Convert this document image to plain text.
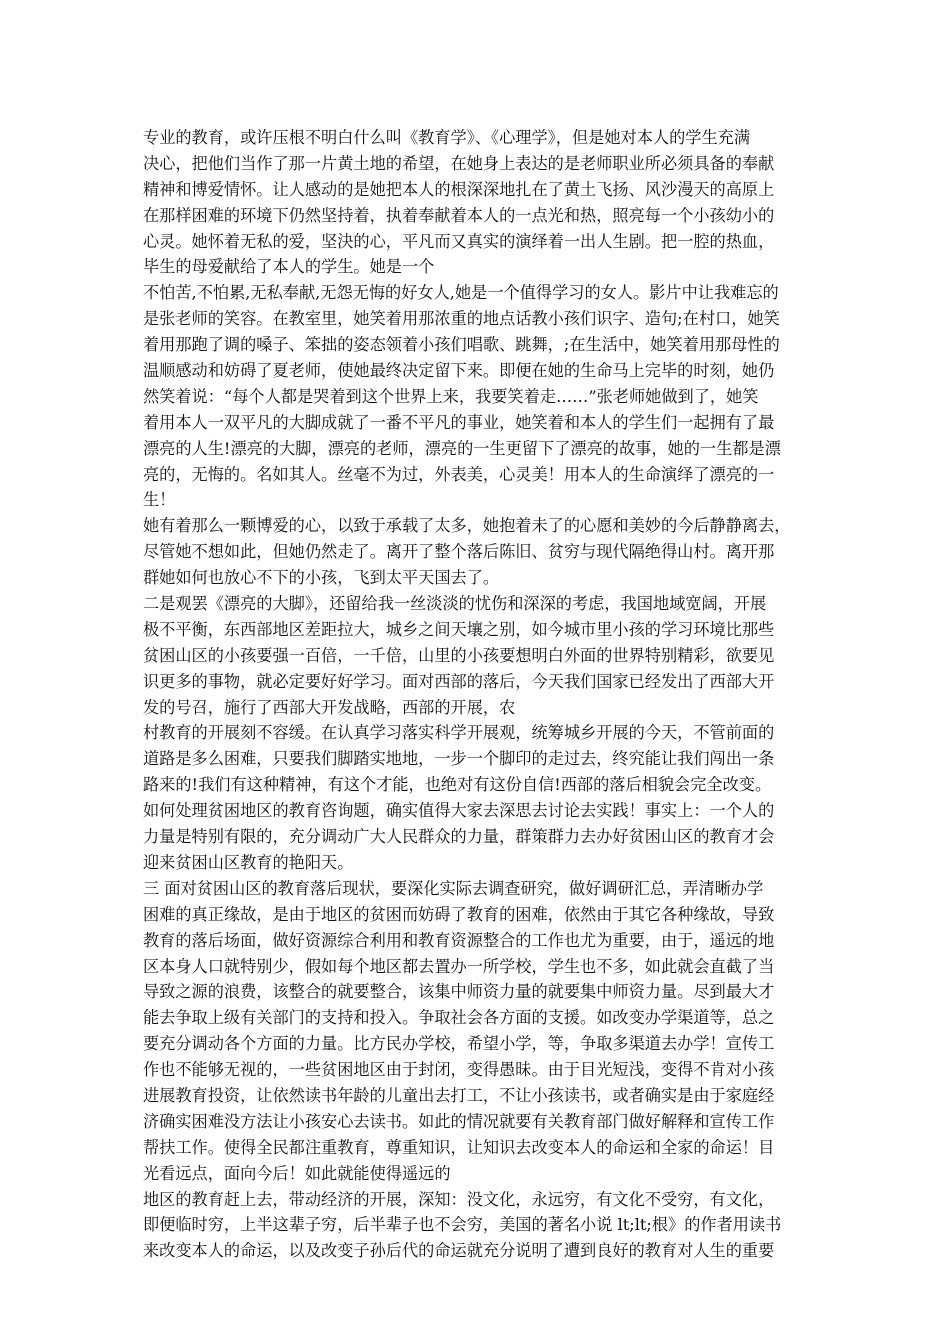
专业的教育，或许压根不明白什么叫《教育学》、《心理学》，但是她对本人的学生充满
决心，把他们当作了那一片黄土地的希望，在她身上表达的是老师职业所必须具备的奉献
精神和博爱情怀。让人感动的是她把本人的根深深地扎在了黄土飞扬、风沙漫天的高原上
在那样困难的环境下仍然坚持着，执着奉献着本人的一点光和热，照亮每一个小孩幼小的
心灵。她怀着无私的爱，坚決的心，平凡而又真实的演绎着一出人生剧。把一腔的热血，
毕生的母爱献给了本人的学生。她是一个
不怕苦,不怕累,无私奉献,无怨无悔的好女人,她是一个值得学习的女人。影片中让我难忘的
是张老师的笑容。在教室里，她笑着用那浓重的地点话教小孩们识字、造句;在村口，她笑
着用那跑了调的嗓子、笨拙的姿态领着小孩们唱歌、跳舞，;在生活中，她笑着用那母性的
温顺感动和妨碍了夏老师，使她最终决定留下来。即便在她的生命马上完毕的时刻，她仍
然笑着说：“每个人都是哭着到这个世界上来，我要笑着走……”张老师她做到了，她笑
着用本人一双平凡的大脚成就了一番不平凡的事业，她笑着和本人的学生们一起拥有了最
漂亮的人生!漂亮的大脚，漂亮的老师，漂亮的一生更留下了漂亮的故事，她的一生都是漂
亮的，无悔的。名如其人。丝毫不为过，外表美，心灵美！用本人的生命演绎了漂亮的一
生！
她有着那么一颗博爱的心，以致于承载了太多，她抱着未了的心愿和美妙的今后静静离去，
尽管她不想如此，但她仍然走了。离开了整个落后陈旧、贫穷与现代隔绝得山村。离开那
群她如何也放心不下的小孩，飞到太平天国去了。
二是观罢《漂亮的大脚》，还留给我一丝淡淡的忧伤和深深的考虑，我国地域宽阔，开展
极不平衡，东西部地区差距拉大，城乡之间天壤之别，如今城市里小孩的学习环境比那些
贫困山区的小孩要强一百倍，一千倍，山里的小孩要想明白外面的世界特别精彩，欲要见
识更多的事物，就必定要好好学习。面对西部的落后，今天我们国家已经发出了西部大开
发的号召，施行了西部大开发战略，西部的开展，农
村教育的开展刻不容缓。在认真学习落实科学开展观，统筹城乡开展的今天，不管前面的
道路是多么困难，只要我们脚踏实地地，一步一个脚印的走过去，终究能让我们闯出一条
路来的!我们有这种精神，有这个才能，也绝对有这份自信!西部的落后相貌会完全改变。
如何处理贫困地区的教育咨询题，确实值得大家去深思去讨论去实践！事实上：一个人的
力量是特别有限的，充分调动广大人民群众的力量，群策群力去办好贫困山区的教育才会
迎来贫困山区教育的艳阳天。
三 面对贫困山区的教育落后现状，要深化实际去调查研究，做好调研汇总，弄清晰办学
困难的真正缘故，是由于地区的贫困而妨碍了教育的困难，依然由于其它各种缘故，导致
教育的落后场面，做好资源综合利用和教育资源整合的工作也尤为重要，由于，遥远的地
区本身人口就特别少，假如每个地区都去置办一所学校，学生也不多，如此就会直截了当
导致之源的浪费，该整合的就要整合，该集中师资力量的就要集中师资力量。尽到最大才
能去争取上级有关部门的支持和投入。争取社会各方面的支援。如改变办学渠道等，总之
要充分调动各个方面的力量。比方民办学校，希望小学，等，争取多渠道去办学！宣传工
作也不能够无视的，一些贫困地区由于封闭，变得愚昧。由于目光短浅，变得不肯对小孩
进展教育投资，让依然读书年龄的儿童出去打工，不让小孩读书，或者确实是由于家庭经
济确实困难没方法让小孩安心去读书。如此的情况就要有关教育部门做好解释和宣传工作
帮扶工作。使得全民都注重教育，尊重知识，让知识去改变本人的命运和全家的命运！目
光看远点，面向今后！如此就能使得遥远的
地区的教育赶上去，带动经济的开展，深知：没文化，永远穷，有文化不受穷，有文化，
即便临时穷，上半这辈子穷，后半辈子也不会穷，美国的著名小说 lt;lt;根》的作者用读书
来改变本人的命运，以及改变子孙后代的命运就充分说明了遭到良好的教育对人生的重要
